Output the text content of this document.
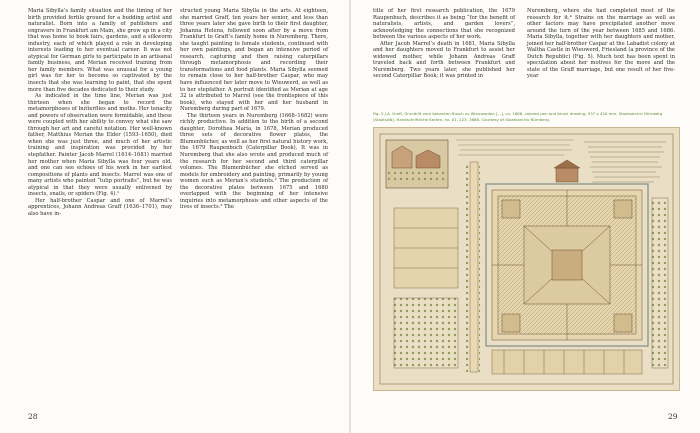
Maria Sibylla’s family situation and the timing of her birth provided fertile ground for a budding artist and naturalist. Born into a family of publishers and engravers in Frankfurt am Main, she grew up in a city that was home to book fairs, gardens, and a silkworm industry, each of which played a role in developing interests leading to her eventual career. It was not atypical for German girls to participate in an artisanal family business, and Merian received training from her family members. What was unusual for a young girl was for her to become so captivated by the insects that she was learning to paint, that she spent more than five decades dedicated to their study.

As indicated in the time line, Merian was just thirteen when she began to record the metamorphoses of butterflies and moths. Her tenacity and powers of observation were formidable, and these were coupled with her ability to convey what she saw through her art and careful notation. Her well-known father, Matthius Merian the Elder (1593–1650), died when she was just three, and much of her artistic training and inspiration was provided by her stepfather. Painter Jacob Marrel (1614–1681) married her mother when Maria Sibylla was four years old, and one can see echoes of his work in her earliest compositions of plants and insects. Marrel was one of many artists who painted “tulip portraits”, but he was atypical in that they were usually enlivened by insects, snails, or spiders (Fig. 4).¹

Her half-brother Caspar and one of Marrel’s apprentices, Johann Andreas Graff (1636–1701), may also have in-

structed young Maria Sibylla in the arts. At eighteen, she married Graff, ten years her senior, and less than three years later she gave birth to their first daughter, Johanna Helena, followed soon after by a move from Frankfurt to Graff’s family home in Nuremberg. There, she taught painting to female students, continued with her own paintings, and began an intensive period of research, capturing and then raising caterpillars through metamorphosis and recording their transformations and food plants. Maria Sibylla seemed to remain close to her half-brother Caspar, who may have influenced her later move to Wieuwerd, as well as to her stepfather. A portrait identified as Merian at age 32 is attributed to Marrel (see the frontispiece of this book), who stayed with her and her husband in Nuremberg during part of 1679.

The thirteen years in Nuremberg (1668–1682) were richly productive. In addition to the birth of a second daughter, Dorothea Maria, in 1678, Merian produced three sets of decorative flower plates, the Blumenbücher, as well as her first natural history work, the 1679 Raupenbuch (Caterpillar Book). It was in Nuremberg that she also wrote and produced much of the research for her second and third caterpillar volumes. The Blumenbücher she etched served as models for embroidery and painting, primarily by young women such as Merian’s students.² The production of the decorative plates between 1675 and 1680 overlapped with the beginning of her intensive inquiries into metamorphosis and other aspects of the lives of insects.³ The

28

title of her first research publication, the 1679 Raupenbuch, describes it as being “for the benefit of naturalists, artists, and garden lovers”, acknowledging the connections that she recognized between the various aspects of her work.

After Jacob Marrel’s death in 1681, Maria Sibylla and her daughters moved to Frankfurt to assist her widowed mother, while Johann Andreas Graff traveled back and forth between Frankfurt and Nuremberg. Two years later, she published her second Caterpillar Book; it was printed in

Nuremberg, where she had completed most of the research for it.⁴ Strains on the marriage as well as other factors may have precipitated another move around the turn of the year between 1685 and 1686. Maria Sibylla, together with her daughters and mother, joined her half-brother Caspar at the Labadist colony at Waltha Castle in Wieuwerd, Friesland (a province of the Dutch Republic) (Fig. 5). Much text has been spent in speculation about her motives for the move and the state of the Graff marriage, but one result of her five-year

Fig. 5 J.A. Graff, Grundriß vom bekanten Busch zu Wieuwarden [...], ca. 1686, colored pen and brush drawing, 537 x 420 mm. Staatsarchiv Nürnberg (StaatsAN), Handschriftliche Karten, no. 01. 223, 1686. Courtesy of Staatsarchiv Nürnberg.
29
